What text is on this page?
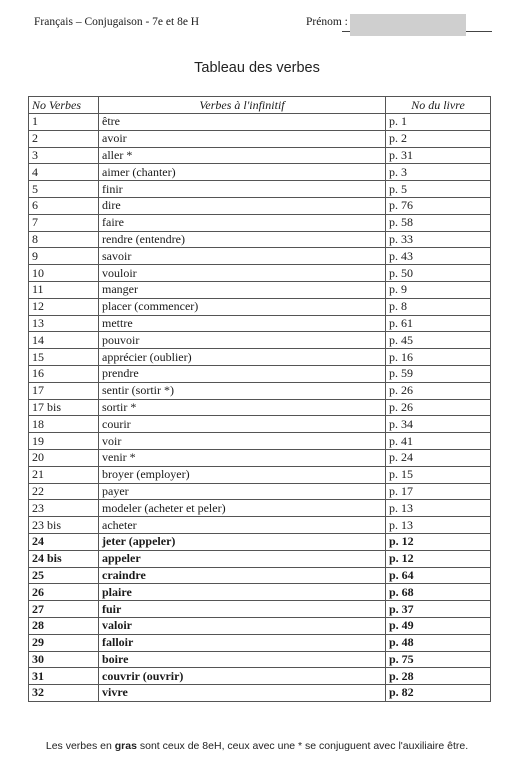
Français – Conjugaison - 7e et 8e H	Prénom :
Tableau des verbes
No Verbes	Verbes à l'infinitif	No du livre
1	être	p. 1
2	avoir	p. 2
3	aller *	p. 31
4	aimer (chanter)	p. 3
5	finir	p. 5
6	dire	p. 76
7	faire	p. 58
8	rendre (entendre)	p. 33
9	savoir	p. 43
10	vouloir	p. 50
11	manger	p. 9
12	placer (commencer)	p. 8
13	mettre	p. 61
14	pouvoir	p. 45
15	apprécier (oublier)	p. 16
16	prendre	p. 59
17	sentir (sortir *)	p. 26
17 bis	sortir *	p. 26
18	courir	p. 34
19	voir	p. 41
20	venir *	p. 24
21	broyer (employer)	p. 15
22	payer	p. 17
23	modeler (acheter et peler)	p. 13
23 bis	acheter	p. 13
24	jeter (appeler)	p. 12
24 bis	appeler	p. 12
25	craindre	p. 64
26	plaire	p. 68
27	fuir	p. 37
28	valoir	p. 49
29	falloir	p. 48
30	boire	p. 75
31	couvrir (ouvrir)	p. 28
32	vivre	p. 82
Les verbes en gras sont ceux de 8eH, ceux avec une * se conjuguent avec l'auxiliaire être.
